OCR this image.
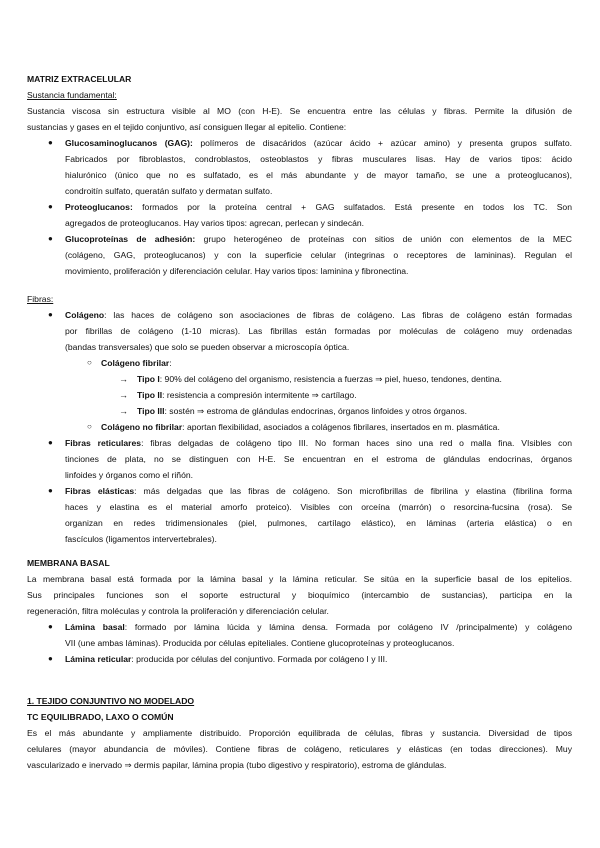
MATRIZ EXTRACELULAR
Sustancia fundamental:
Sustancia viscosa sin estructura visible al MO (con H-E). Se encuentra entre las células y fibras. Permite la difusión de
sustancias y gases en el tejido conjuntivo, así consiguen llegar al epitelio. Contiene:
● Glucosaminoglucanos (GAG): polímeros de disacáridos (azúcar ácido + azúcar amino) y presenta grupos sulfato.
Fabricados por fibroblastos, condroblastos, osteoblastos y fibras musculares lisas. Hay de varios tipos: ácido
hialurónico (único que no es sulfatado, es el más abundante y de mayor tamaño, se une a proteoglucanos),
condroitín sulfato, queratán sulfato y dermatan sulfato.
● Proteoglucanos: formados por la proteína central + GAG sulfatados. Está presente en todos los TC. Son
agregados de proteoglucanos. Hay varios tipos: agrecan, perlecan y sindecán.
● Glucoproteínas de adhesión: grupo heterogéneo de proteínas con sitios de unión con elementos de la MEC
(colágeno, GAG, proteoglucanos) y con la superficie celular (integrinas o receptores de lamininas). Regulan el
movimiento, proliferación y diferenciación celular. Hay varios tipos: laminina y fibronectina.
Fibras:
● Colágeno: las haces de colágeno son asociaciones de fibras de colágeno. Las fibras de colágeno están formadas
por fibrillas de colágeno (1-10 micras). Las fibrillas están formadas por moléculas de colágeno muy ordenadas
(bandas transversales) que solo se pueden observar a microscopía óptica.
○ Colágeno fibrilar:
→ Tipo I: 90% del colágeno del organismo, resistencia a fuerzas ⇒ piel, hueso, tendones, dentina.
→ Tipo II: resistencia a compresión intermitente ⇒ cartílago.
→ Tipo III: sostén ⇒ estroma de glándulas endocrinas, órganos linfoides y otros órganos.
○ Colágeno no fibrilar: aportan flexibilidad, asociados a colágenos fibrilares, insertados en m. plasmática.
● Fibras reticulares: fibras delgadas de colágeno tipo III. No forman haces sino una red o malla fina. VIsibles con
tinciones de plata, no se distinguen con H-E. Se encuentran en el estroma de glándulas endocrinas, órganos
linfoides y órganos como el riñón.
● Fibras elásticas: más delgadas que las fibras de colágeno. Son microfibrillas de fibrilina y elastina (fibrilina forma
haces y elastina es el material amorfo proteico). Visibles con orceína (marrón) o resorcina-fucsina (rosa). Se
organizan en redes tridimensionales (piel, pulmones, cartílago elástico), en láminas (arteria elástica) o en
fascículos (ligamentos intervertebrales).
MEMBRANA BASAL
La membrana basal está formada por la lámina basal y la lámina reticular. Se sitúa en la superficie basal de los epitelios.
Sus principales funciones son el soporte estructural y bioquímico (intercambio de sustancias), participa en la
regeneración, filtra moléculas y controla la proliferación y diferenciación celular.
● Lámina basal: formado por lámina lúcida y lámina densa. Formada por colágeno IV /principalmente) y colágeno
VII (une ambas láminas). Producida por células epiteliales. Contiene glucoproteínas y proteoglucanos.
● Lámina reticular: producida por células del conjuntivo. Formada por colágeno I y III.
1. TEJIDO CONJUNTIVO NO MODELADO
TC EQUILIBRADO, LAXO O COMÚN
Es el más abundante y ampliamente distribuido. Proporción equilibrada de células, fibras y sustancia. Diversidad de tipos
celulares (mayor abundancia de móviles). Contiene fibras de colágeno, reticulares y elásticas (en todas direcciones). Muy
vascularizado e inervado ⇒ dermis papilar, lámina propia (tubo digestivo y respiratorio), estroma de glándulas.
